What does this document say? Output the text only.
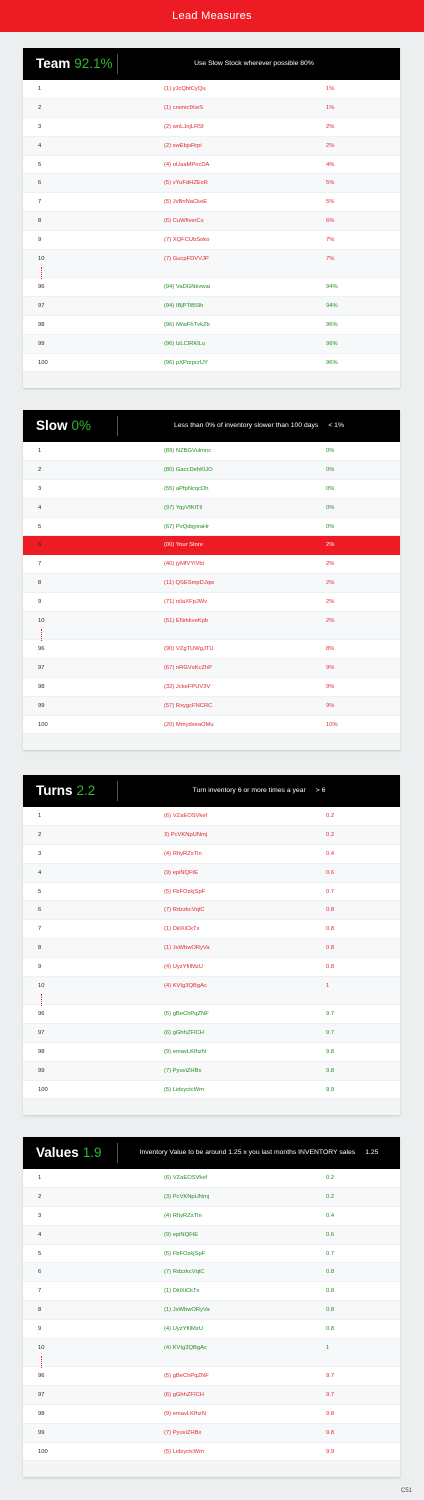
Lead Measures
Team 92.1%	Use Slow Stock wherever possible 80%
1	(1) yJcQbtCyQu	1%
2	(1) crsmicfXwS	1%
3	(2) wnLJojLRSf	2%
4	(2) swEbjsRrpi	2%
5	(4) oUaaMPncDA	4%
6	(5) vYuFdHZExR	5%
7	(5) JvBnNaCkeE	5%
8	(6) CuWfiverCs	6%
9	(7) XQFCUbSoko	7%
10	(7) GucpFDVVJP	7%
96	(94) VaDGNkvwai	94%
97	(94) IBjPTiBSlh	94%
98	(96) iWwFhTvkZb	96%
99	(96) IzLClRKILu	96%
100	(96) pXPrzpcrUY	96%
Slow 0%	Less than 0% of inventory slower than 100 days < 1%
1	(89) NZBGVulmnc	0%
2	(80) GaccDehKUO	0%
3	(55) aPfpNcqcDh	0%
4	(97) YqyVfKlTll	0%
5	(67) PvQdqyeaHr	0%
6	(00) Your Store	2%
7	(40) jyMfVYlVbl	2%
8	(11) QSESmpDJqw	2%
9	(71) niIaXFpJWv	2%
10	(51) ENrkkveKpb	2%
96	(90) VZgTUWgJTU	8%
97	(67) nRGVsKcZhP	9%
98	(32) JckeFPUV3V	9%
99	(57) RxygcFNCRC	9%
100	(20) MmydxeaOMu	10%
Turns 2.2	Turn inventory 6 or more times a year > 6
1	(6) VZaEOSVkef	0.2
2	3) PcVKNpUNmj	0.2
3	(4) RItyRZsTln	0.4
4	(9) epiNQFtE	0.6
5	(5) FbFOzkjSpF	0.7
6	(7) RdzzkcVqtC	0.8
7	(1) DiilXiCkTx	0.8
8	(1) JxWbwORyVa	0.8
9	(4) UyzYfiIMzU	0.8
10	(4) KVIg3QBgAc	1
96	(5) gBeChPqZNF	9.7
97	(6) gGhhZFICH	9.7
98	(9) emavLKfhzN	9.8
99	(7) PyuviZHBx	9.8
100	(5) LidsyctcWm	9.9
Values 1.9	Inventory Value to be around 1.25 x you last months INVENTORY sales 1.25
1	(6) VZaEOSVkef	0.2
2	(3) PcVKNpUNmj	0.2
3	(4) RItyRZsTln	0.4
4	(9) epiNQFtE	0.6
5	(5) FbFOzkjSpF	0.7
6	(7) RdzzkcVqtC	0.8
7	(1) DiilXiCkTx	0.8
8	(1) JxWbwORyVa	0.8
9	(4) UyzYfiIMzU	0.8
10	(4) KVIg3QBgAc	1
96	(5) gBeChPqZNF	9.7
97	(6) gGhhZFICH	9.7
98	(9) emavLKfhzN	9.8
99	(7) PyuviZHBx	9.8
100	(5) LidsyctcWm	9.9
C51
